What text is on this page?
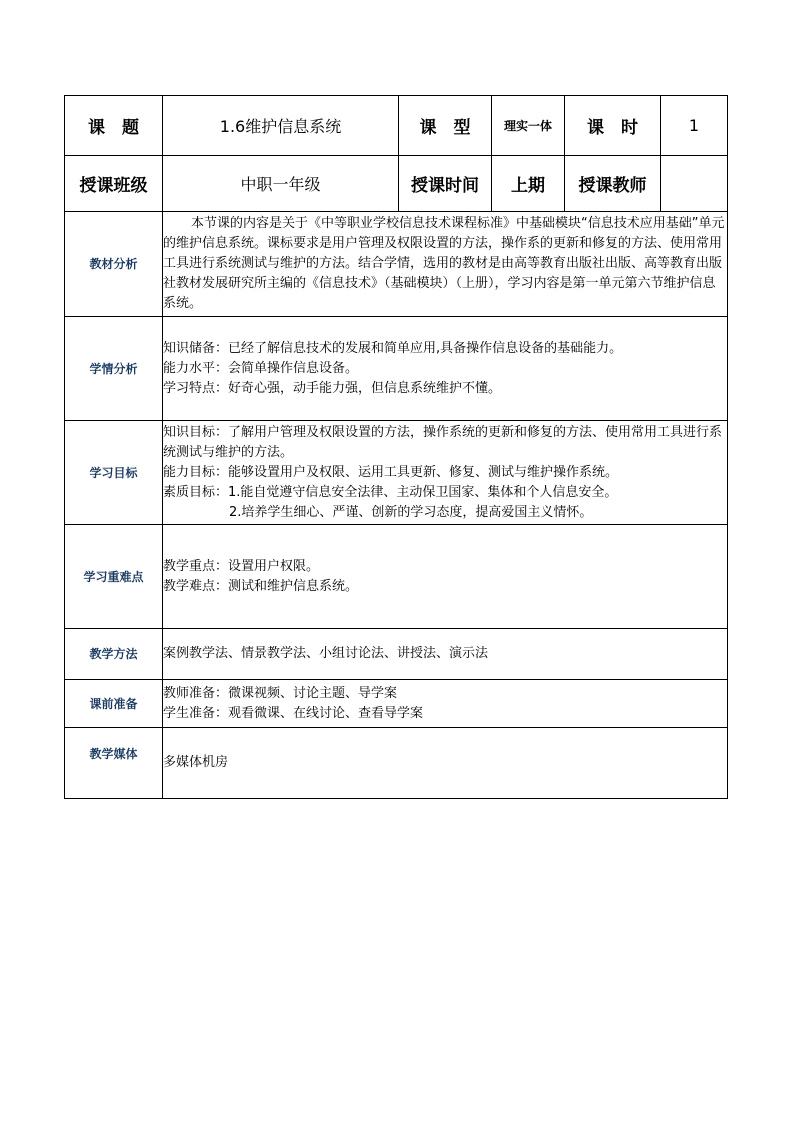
课　题	1.6维护信息系统	课　型	理实一体	课　时	1
授课班级	中职一年级	授课时间	上期	授课教师	
教材分析	本节课的内容是关于《中等职业学校信息技术课程标准》中基础模块“信息技术应用基础”单元的维护信息系统。课标要求是用户管理及权限设置的方法，操作系的更新和修复的方法、使用常用工具进行系统测试与维护的方法。结合学情，选用的教材是由高等教育出版社出版、高等教育出版社教材发展研究所主编的《信息技术》（基础模块）（上册），学习内容是第一单元第六节维护信息系统。				

学情分析	知识储备：已经了解信息技术的发展和简单应用,具备操作信息设备的基础能力。

能力水平：会简单操作信息设备。

学习特点：好奇心强，动手能力强，但信息系统维护不懂。				

学习目标	知识目标：了解用户管理及权限设置的方法，操作系统的更新和修复的方法、使用常用工具进行系统测试与维护的方法。

能力目标：能够设置用户及权限、运用工具更新、修复、测试与维护操作系统。

素质目标：1.能自觉遵守信息安全法律、主动保卫国家、集体和个人信息安全。

2.培养学生细心、严谨、创新的学习态度，提高爱国主义情怀。				

学习重难点	教学重点：设置用户权限。

教学难点：测试和维护信息系统。				

教学方法	案例教学法、情景教学法、小组讨论法、讲授法、演示法				

课前准备	教师准备：微课视频、讨论主题、导学案

学生准备：观看微课、在线讨论、查看导学案				

教学媒体	多媒体机房				
